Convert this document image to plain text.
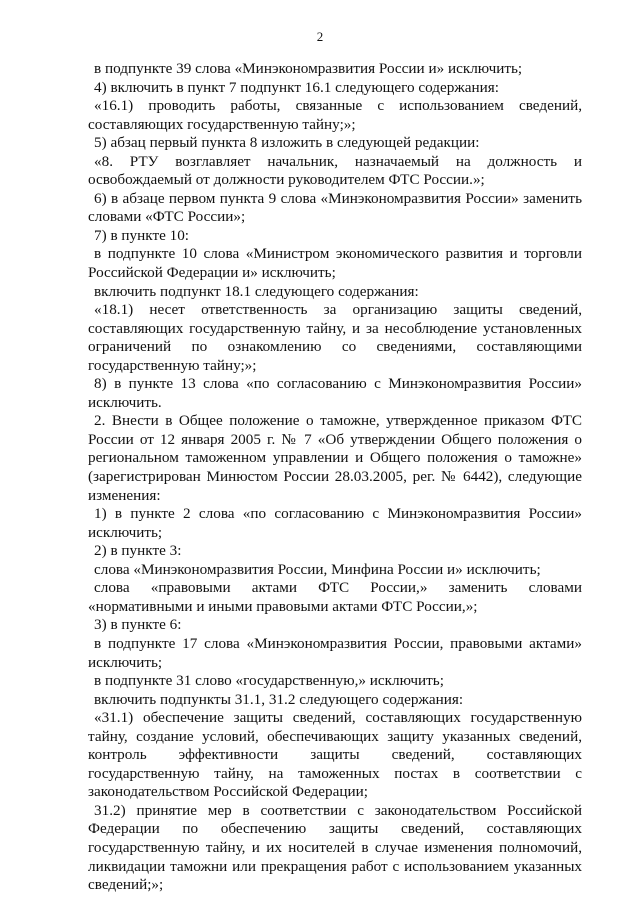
2

в подпункте 39 слова «Минэкономразвития России и» исключить;

4) включить в пункт 7 подпункт 16.1 следующего содержания:

«16.1) проводить работы, связанные с использованием сведений, составляющих государственную тайну;»;

5) абзац первый пункта 8 изложить в следующей редакции:

«8. РТУ возглавляет начальник, назначаемый на должность и освобождаемый от должности руководителем ФТС России.»;

6) в абзаце первом пункта 9 слова «Минэкономразвития России» заменить словами «ФТС России»;

7) в пункте 10:

в подпункте 10 слова «Министром экономического развития и торговли Российской Федерации и» исключить;

включить подпункт 18.1 следующего содержания:

«18.1) несет ответственность за организацию защиты сведений, составляющих государственную тайну, и за несоблюдение установленных ограничений по ознакомлению со сведениями, составляющими государственную тайну;»;

8) в пункте 13 слова «по согласованию с Минэкономразвития России» исключить.

2. Внести в Общее положение о таможне, утвержденное приказом ФТС России от 12 января 2005 г. № 7 «Об утверждении Общего положения о региональном таможенном управлении и Общего положения о таможне» (зарегистрирован Минюстом России 28.03.2005, рег. № 6442), следующие изменения:

1) в пункте 2 слова «по согласованию с Минэкономразвития России» исключить;

2) в пункте 3:

слова «Минэкономразвития России, Минфина России и» исключить;

слова «правовыми актами ФТС России,» заменить словами «нормативными и иными правовыми актами ФТС России,»;

3) в пункте 6:

в подпункте 17 слова «Минэкономразвития России, правовыми актами» исключить;

в подпункте 31 слово «государственную,» исключить;

включить подпункты 31.1, 31.2 следующего содержания:

«31.1) обеспечение защиты сведений, составляющих государственную тайну, создание условий, обеспечивающих защиту указанных сведений, контроль эффективности защиты сведений, составляющих государственную тайну, на таможенных постах в соответствии с законодательством Российской Федерации;

31.2) принятие мер в соответствии с законодательством Российской Федерации по обеспечению защиты сведений, составляющих государственную тайну, и их носителей в случае изменения полномочий, ликвидации таможни или прекращения работ с использованием указанных сведений;»;
